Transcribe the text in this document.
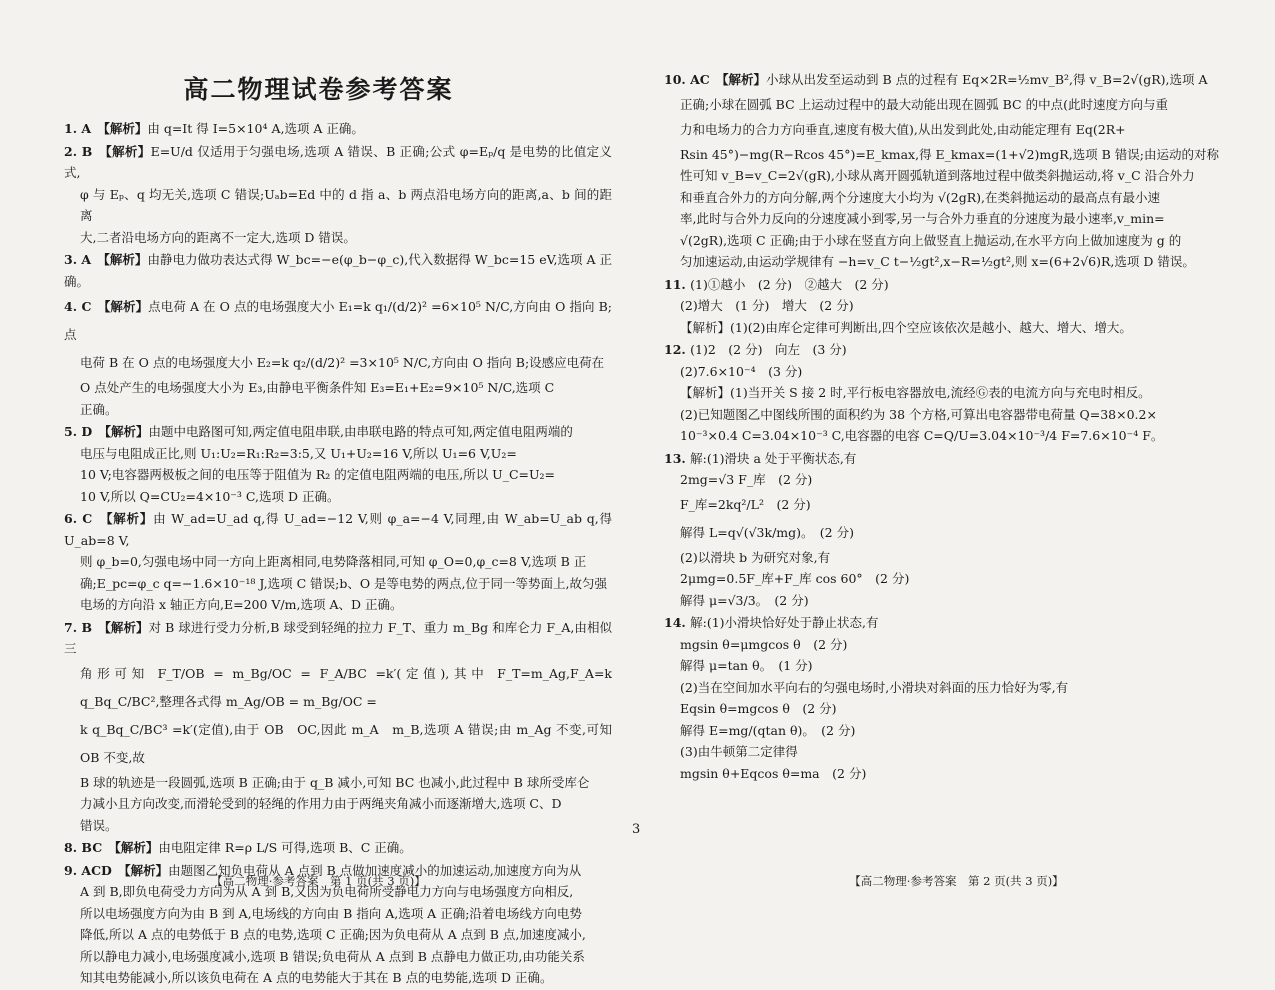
高二物理试卷参考答案
1. A　【解析】由 q=It 得 I=5×10⁴ A,选项 A 正确。
2. B　【解析】E=U/d 仅适用于匀强电场,选项 A 错误、B 正确;公式 φ=Eₚ/q 是电势的比值定义式,
φ 与 Eₚ、q 均无关,选项 C 错误;Uₐb=Ed 中的 d 指 a、b 两点沿电场方向的距离,a、b 间的距离
大,二者沿电场方向的距离不一定大,选项 D 错误。
3. A　【解析】由静电力做功表达式得 W_bc=−e(φ_b−φ_c),代入数据得 W_bc=15 eV,选项 A 正确。
4. C　【解析】点电荷 A 在 O 点的电场强度大小 E₁=k q₁/(d/2)² =6×10⁵ N/C,方向由 O 指向 B;点
电荷 B 在 O 点的电场强度大小 E₂=k q₂/(d/2)² =3×10⁵ N/C,方向由 O 指向 B;设感应电荷在
O 点处产生的电场强度大小为 E₃,由静电平衡条件知 E₃=E₁+E₂=9×10⁵ N/C,选项 C
正确。
5. D　【解析】由题中电路图可知,两定值电阻串联,由串联电路的特点可知,两定值电阻两端的
电压与电阻成正比,则 U₁:U₂=R₁:R₂=3:5,又 U₁+U₂=16 V,所以 U₁=6 V,U₂=
10 V;电容器两极板之间的电压等于阻值为 R₂ 的定值电阻两端的电压,所以 U_C=U₂=
10 V,所以 Q=CU₂=4×10⁻³ C,选项 D 正确。
6. C　【解析】由 W_ad=U_ad q,得 U_ad=−12 V,则 φ_a=−4 V,同理,由 W_ab=U_ab q,得 U_ab=8 V,
则 φ_b=0,匀强电场中同一方向上距离相同,电势降落相同,可知 φ_O=0,φ_c=8 V,选项 B 正
确;E_pc=φ_c q=−1.6×10⁻¹⁸ J,选项 C 错误;b、O 是等电势的两点,位于同一等势面上,故匀强
电场的方向沿 x 轴正方向,E=200 V/m,选项 A、D 正确。
7. B　【解析】对 B 球进行受力分析,B 球受到轻绳的拉力 F_T、重力 m_Bg 和库仑力 F_A,由相似三
角形可知 F_T/OB = m_Bg/OC = F_A/BC =k′(定值),其中 F_T=m_Ag,F_A=k q_Bq_C/BC²,整理各式得 m_Ag/OB = m_Bg/OC =
k q_Bq_C/BC³ =k′(定值),由于 OB　OC,因此 m_A　m_B,选项 A 错误;由 m_Ag 不变,可知 OB 不变,故
B 球的轨迹是一段圆弧,选项 B 正确;由于 q_B 减小,可知 BC 也减小,此过程中 B 球所受库仑
力减小且方向改变,而滑轮受到的轻绳的作用力由于两绳夹角减小而逐渐增大,选项 C、D
错误。
8. BC　【解析】由电阻定律 R=ρ L/S 可得,选项 B、C 正确。
9. ACD　【解析】由题图乙知负电荷从 A 点到 B 点做加速度减小的加速运动,加速度方向为从
A 到 B,即负电荷受力方向为从 A 到 B,又因为负电荷所受静电力方向与电场强度方向相反,
所以电场强度方向为由 B 到 A,电场线的方向由 B 指向 A,选项 A 正确;沿着电场线方向电势
降低,所以 A 点的电势低于 B 点的电势,选项 C 正确;因为负电荷从 A 点到 B 点,加速度减小,
所以静电力减小,电场强度减小,选项 B 错误;负电荷从 A 点到 B 点静电力做正功,由功能关系
知其电势能减小,所以该负电荷在 A 点的电势能大于其在 B 点的电势能,选项 D 正确。
【高二物理·参考答案　第 1 页(共 3 页)】
3
10. AC　【解析】小球从出发至运动到 B 点的过程有 Eq×2R=½mv_B²,得 v_B=2√(gR),选项 A
正确;小球在圆弧 BC 上运动过程中的最大动能出现在圆弧 BC 的中点(此时速度方向与重
力和电场力的合力方向垂直,速度有极大值),从出发到此处,由动能定理有 Eq(2R+
Rsin 45°)−mg(R−Rcos 45°)=E_kmax,得 E_kmax=(1+√2)mgR,选项 B 错误;由运动的对称
性可知 v_B=v_C=2√(gR),小球从离开圆弧轨道到落地过程中做类斜抛运动,将 v_C 沿合外力
和垂直合外力的方向分解,两个分速度大小均为 √(2gR),在类斜抛运动的最高点有最小速
率,此时与合外力反向的分速度减小到零,另一与合外力垂直的分速度为最小速率,v_min=
√(2gR),选项 C 正确;由于小球在竖直方向上做竖直上抛运动,在水平方向上做加速度为 g 的
匀加速运动,由运动学规律有 −h=v_C t−½gt²,x−R=½gt²,则 x=(6+2√6)R,选项 D 错误。
11. (1)①越小　(2 分)　②越大　(2 分)
(2)增大　(1 分)　增大　(2 分)
【解析】(1)(2)由库仑定律可判断出,四个空应该依次是越小、越大、增大、增大。
12. (1)2　(2 分)　向左　(3 分)
(2)7.6×10⁻⁴　(3 分)
【解析】(1)当开关 S 接 2 时,平行板电容器放电,流经Ⓖ表的电流方向与充电时相反。
(2)已知题图乙中图线所围的面积约为 38 个方格,可算出电容器带电荷量 Q=38×0.2×
10⁻³×0.4 C=3.04×10⁻³ C,电容器的电容 C=Q/U=3.04×10⁻³/4 F=7.6×10⁻⁴ F。
13. 解:(1)滑块 a 处于平衡状态,有
2mg=√3 F_库　(2 分)
F_库=2kq²/L²　(2 分)
解得 L=q√(√3k/mg)。　(2 分)
(2)以滑块 b 为研究对象,有
2μmg=0.5F_库+F_库 cos 60°　(2 分)
解得 μ=√3/3。　(2 分)
14. 解:(1)小滑块恰好处于静止状态,有
mgsin θ=μmgcos θ　(2 分)
解得 μ=tan θ。　(1 分)
(2)当在空间加水平向右的匀强电场时,小滑块对斜面的压力恰好为零,有
Eqsin θ=mgcos θ　(2 分)
解得 E=mg/(qtan θ)。　(2 分)
(3)由牛顿第二定律得
mgsin θ+Eqcos θ=ma　(2 分)
【高二物理·参考答案　第 2 页(共 3 页)】
